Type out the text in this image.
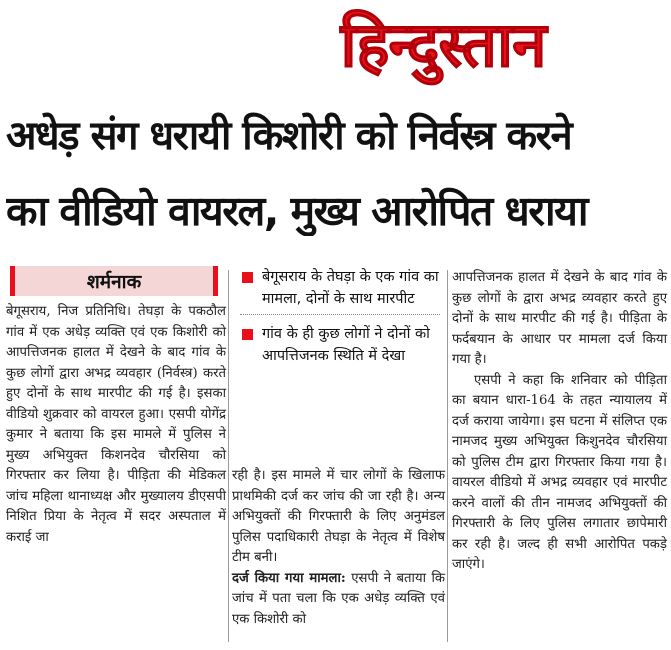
हिन्दुस्तान
अधेड़ संग धरायी किशोरी को निर्वस्त्र करने
का वीडियो वायरल, मुख्य आरोपित धराया
शर्मनाक

बेगूसराय, निज प्रतिनिधि। तेघड़ा के पकठौल गांव में एक अधेड़ व्यक्ति एवं एक किशोरी को आपत्तिजनक हालत में देखने के बाद गांव के कुछ लोगों द्वारा अभद्र व्यवहार (निर्वस्त्र) करते हुए दोनों के साथ मारपीट की गई है। इसका वीडियो शुक्रवार को वायरल हुआ। एसपी योगेंद्र कुमार ने बताया कि इस मामले में पुलिस ने मुख्य अभियुक्त किशनदेव चौरसिया को गिरफ्तार कर लिया है। पीड़िता की मेडिकल जांच महिला थानाध्यक्ष और मुख्यालय डीएसपी निशित प्रिया के नेतृत्व में सदर अस्पताल में कराई जा

बेगूसराय के तेघड़ा के एक गांव का मामला, दोनों के साथ मारपीट
गांव के ही कुछ लोगों ने दोनों को आपत्तिजनक स्थिति में देखा

रही है। इस मामले में चार लोगों के खिलाफ प्राथमिकी दर्ज कर जांच की जा रही है। अन्य अभियुक्तों की गिरफ्तारी के लिए अनुमंडल पुलिस पदाधिकारी तेघड़ा के नेतृत्व में विशेष टीम बनी।

दर्ज किया गया मामला: एसपी ने बताया कि जांच में पता चला कि एक अधेड़ व्यक्ति एवं एक किशोरी को

आपत्तिजनक हालत में देखने के बाद गांव के कुछ लोगों के द्वारा अभद्र व्यवहार करते हुए दोनों के साथ मारपीट की गई है। पीड़िता के फर्दबयान के आधार पर मामला दर्ज किया गया है।

एसपी ने कहा कि शनिवार को पीड़िता का बयान धारा-164 के तहत न्यायालय में दर्ज कराया जायेगा। इस घटना में संलिप्त एक नामजद मुख्य अभियुक्त किशुनदेव चौरसिया को पुलिस टीम द्वारा गिरफ्तार किया गया है। वायरल वीडियो में अभद्र व्यवहार एवं मारपीट करने वालों की तीन नामजद अभियुक्तों की गिरफ्तारी के लिए पुलिस लगातार छापेमारी कर रही है। जल्द ही सभी आरोपित पकड़े जाएंगे।
